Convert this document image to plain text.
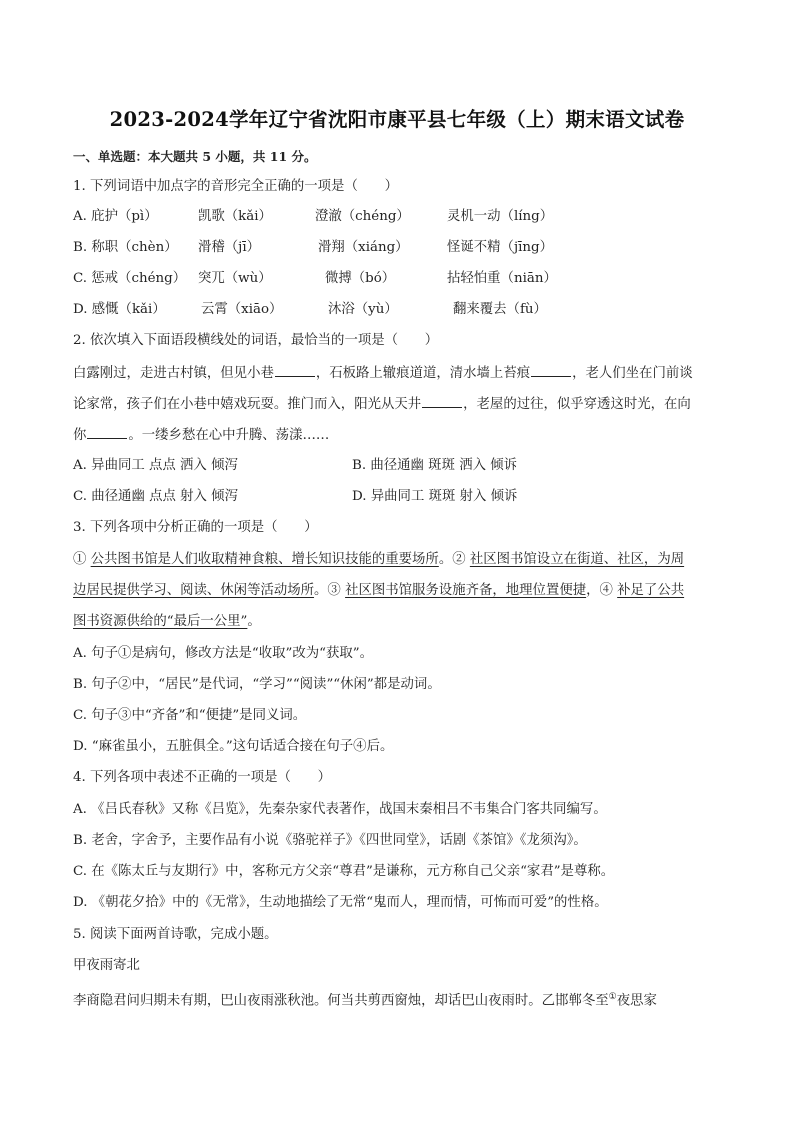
2023-2024学年辽宁省沈阳市康平县七年级（上）期末语文试卷
一、单选题：本大题共 5 小题，共 11 分。
1. 下列词语中加点字的音形完全正确的一项是（　　）
A. 庇护（pì）	凯歌（kǎi）	澄澈（chéng）	灵机一动（líng）
B. 称职（chèn） 滑稽（jī）	滑翔（xiáng）	怪诞不精（jīng）
C. 惩戒（chéng） 突兀（wù）	微搏（bó）	拈轻怕重（niān）
D. 感慨（kǎi）	云霄（xiāo）	沐浴（yù）	翻来覆去（fù）
2. 依次填入下面语段横线处的词语，最恰当的一项是（　　）
白露刚过，走进古村镇，但见小巷	，石板路上辙痕道道，清水墙上苔痕	，老人们坐在门前谈
论家常，孩子们在小巷中嬉戏玩耍。推门而入，阳光从天井	，老屋的过往，似乎穿透这时光，在向
你	。一缕乡愁在心中升腾、荡漾……
A. 异曲同工 点点 洒入 倾泻	B. 曲径通幽 斑斑 洒入 倾诉
C. 曲径通幽 点点 射入 倾泻	D. 异曲同工 斑斑 射入 倾诉
3. 下列各项中分析正确的一项是（　　）
① 公共图书馆是人们收取精神食粮、增长知识技能的重要场所。② 社区图书馆设立在街道、社区，为周
边居民提供学习、阅读、休闲等活动场所。③ 社区图书馆服务设施齐备，地理位置便捷，④ 补足了公共
图书资源供给的“最后一公里”。
A. 句子①是病句，修改方法是“收取”改为“获取”。
B. 句子②中，“居民”是代词，“学习”“阅读”“休闲”都是动词。
C. 句子③中“齐备”和“便捷”是同义词。
D. “麻雀虽小，五脏俱全。”这句话适合接在句子④后。
4. 下列各项中表述不正确的一项是（　　）
A. 《吕氏春秋》又称《吕览》，先秦杂家代表著作，战国末秦相吕不韦集合门客共同编写。
B. 老舍，字舍予，主要作品有小说《骆驼祥子》《四世同堂》，话剧《茶馆》《龙须沟》。
C. 在《陈太丘与友期行》中，客称元方父亲“尊君”是谦称，元方称自己父亲“家君”是尊称。
D. 《朝花夕拾》中的《无常》，生动地描绘了无常“鬼而人，理而情，可怖而可爱”的性格。
5. 阅读下面两首诗歌，完成小题。
甲夜雨寄北
李商隐君问归期未有期，巴山夜雨涨秋池。何当共剪西窗烛，却话巴山夜雨时。乙邯郸冬至①夜思家
